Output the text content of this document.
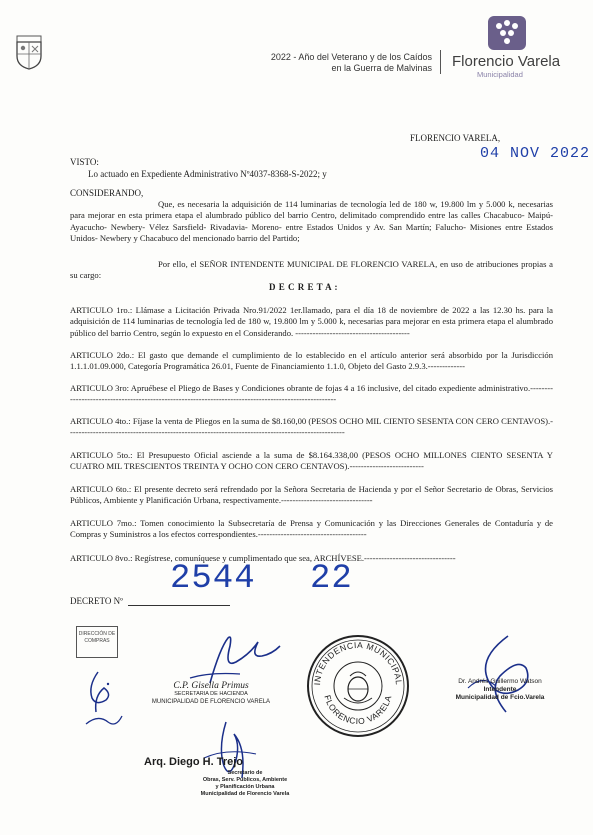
2022 - Año del Veterano y de los Caídos
en la Guerra de Malvinas Florencio Varela
Municipalidad
FLORENCIO VARELA,
04 NOV 2022
VISTO:
Lo actuado en Expediente Administrativo Nº4037-8368-S-2022; y
CONSIDERANDO,
Que, es necesaria la adquisición de 114 luminarias de tecnología led de 180 w, 19.800 lm y 5.000 k, necesarias para mejorar en esta primera etapa el alumbrado público del barrio Centro, delimitado comprendido entre las calles Chacabuco- Maipú- Ayacucho- Newbery- Vélez Sarsfield- Rivadavia- Moreno- entre Estados Unidos y Av. San Martín; Falucho- Misiones entre Estados Unidos- Newbery y Chacabuco del mencionado barrio del Partido;
Por ello, el SEÑOR INTENDENTE MUNICIPAL DE FLORENCIO VARELA, en uso de atribuciones propias a su cargo:
D E C R E T A :
ARTICULO 1ro.: Llámase a Licitación Privada Nro.91/2022 1er.llamado, para el día 18 de noviembre de 2022 a las 12.30 hs. para la adquisición de 114 luminarias de tecnología led de 180 w, 19.800 lm y 5.000 k, necesarias para mejorar en esta primera etapa el alumbrado público del barrio Centro, según lo expuesto en el Considerando. ----------------------------------------
ARTICULO 2do.: El gasto que demande el cumplimiento de lo establecido en el artículo anterior será absorbido por la Jurisdicción 1.1.1.01.09.000, Categoría Programática 26.01, Fuente de Financiamiento 1.1.0, Objeto del Gasto 2.9.3.-------------
ARTICULO 3ro: Apruébese el Pliego de Bases y Condiciones obrante de fojas 4 a 16 inclusive, del citado expediente administrativo.-----------------------------------------------------------------------------------------------------
ARTICULO 4to.: Fíjase la venta de Pliegos en la suma de $8.160,00 (PESOS OCHO MIL CIENTO SESENTA CON CERO CENTAVOS).-------------------------------------------------------------------------------------------------
ARTICULO 5to.: El Presupuesto Oficial asciende a la suma de $8.164.338,00 (PESOS OCHO MILLONES CIENTO SESENTA Y CUATRO MIL TRESCIENTOS TREINTA Y OCHO CON CERO CENTAVOS).--------------------------
ARTICULO 6to.: El presente decreto será refrendado por la Señora Secretaria de Hacienda y por el Señor Secretario de Obras, Servicios Públicos, Ambiente y Planificación Urbana, respectivamente.--------------------------------
ARTICULO 7mo.: Tomen conocimiento la Subsecretaría de Prensa y Comunicación y las Direcciones Generales de Contaduría y de Compras y Suministros a los efectos correspondientes.--------------------------------------
ARTICULO 8vo.: Regístrese, comuníquese y cumplimentado que sea, ARCHÍVESE.--------------------------------
DECRETO Nº
2544 22
DIRECCIÓN DE
COMPRAS
C.P. Gisella Primus
SECRETARIA DE HACIENDA
MUNICIPALIDAD DE FLORENCIO VARELA
INTENDENCIA MUNICIPAL
FLORENCIO VARELA
Dr. Andrés Guillermo Watson
Intendente
Municipalidad de Fcio.Varela
Arq. Diego H. Trejo
Secretario de
Obras, Serv. Públicos, Ambiente
y Planificación Urbana
Municipalidad de Florencio Varela
